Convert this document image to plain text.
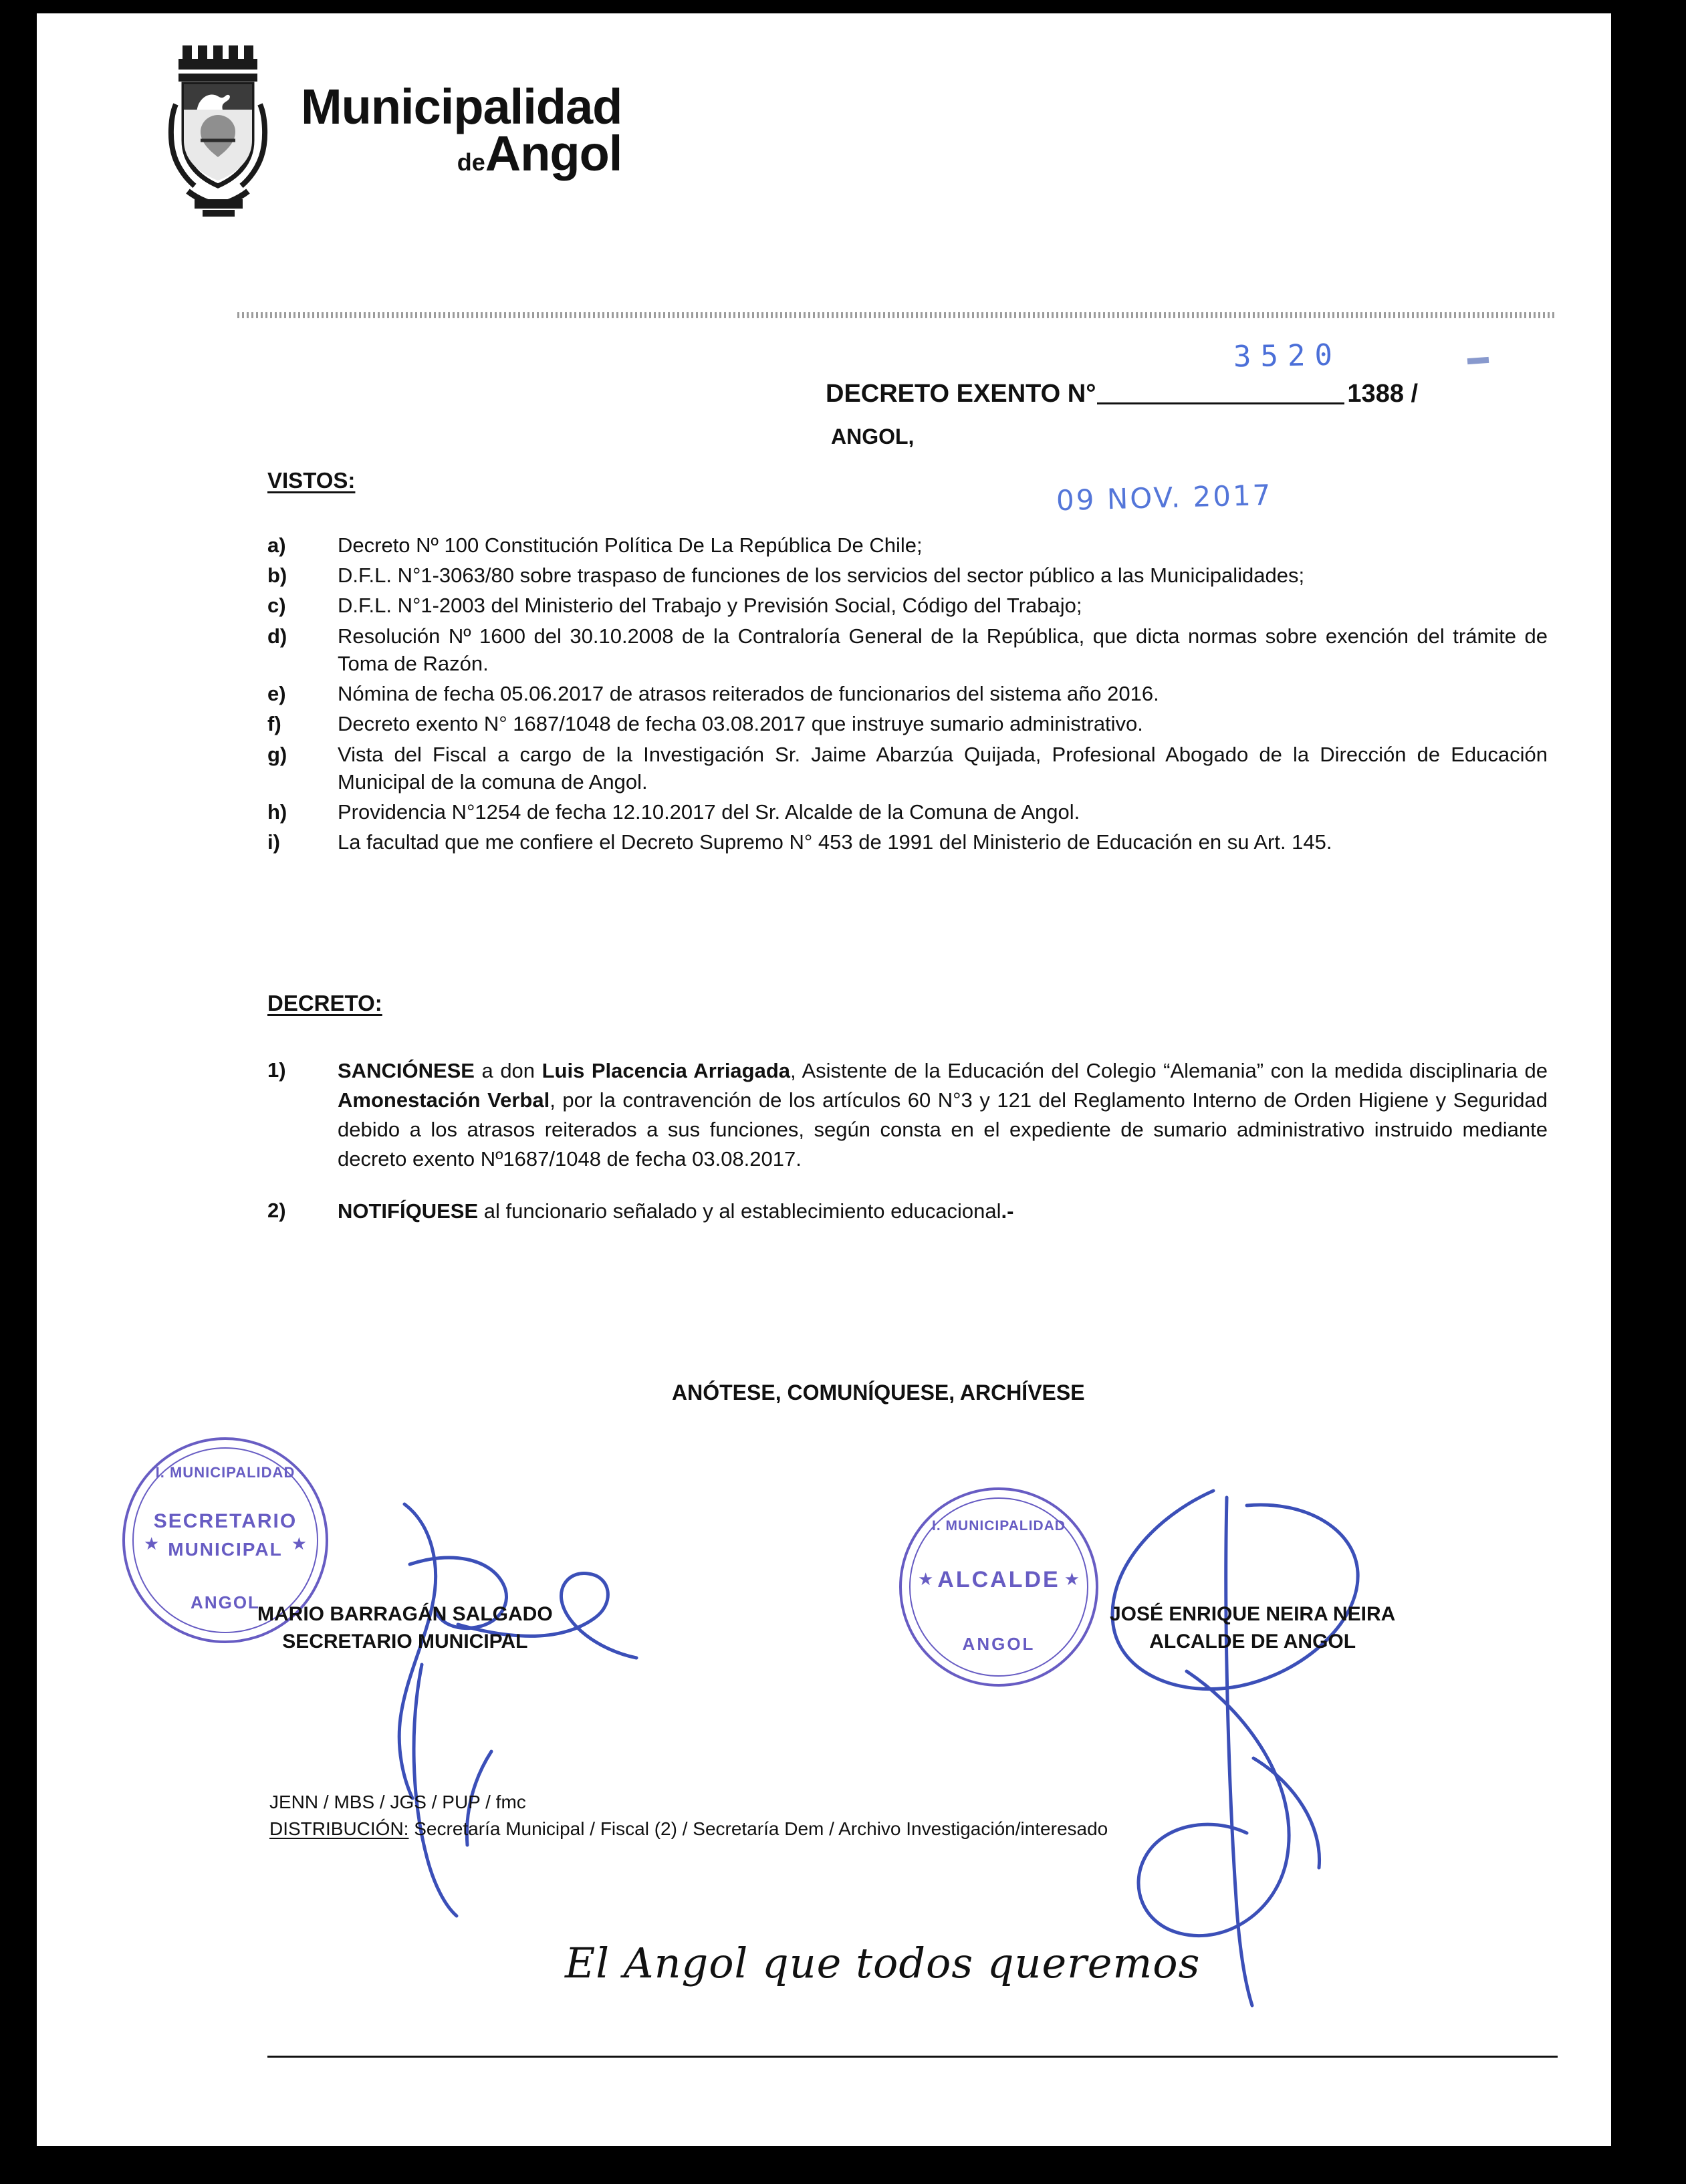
Municipalidad
deAngol
DECRETO EXENTO N°	1388 /
ANGOL,
3520
09 NOV. 2017
VISTOS:
a)	Decreto Nº 100 Constitución Política De La República De Chile;
b)	D.F.L. N°1-3063/80 sobre traspaso de funciones de los servicios del sector público a las Municipalidades;
c)	D.F.L. N°1-2003 del Ministerio del Trabajo y Previsión Social, Código del Trabajo;
d)	Resolución Nº 1600 del 30.10.2008 de la Contraloría General de la República, que dicta normas sobre exención del trámite de Toma de Razón.
e)	Nómina de fecha 05.06.2017 de atrasos reiterados de funcionarios del sistema año 2016.
f)	Decreto exento N° 1687/1048 de fecha 03.08.2017 que instruye sumario administrativo.
g)	Vista del Fiscal a cargo de la Investigación Sr. Jaime Abarzúa Quijada, Profesional Abogado de la Dirección de Educación Municipal de la comuna de Angol.
h)	Providencia N°1254 de fecha 12.10.2017 del Sr. Alcalde de la Comuna de Angol.
i)	La facultad que me confiere el Decreto Supremo N° 453 de 1991 del Ministerio de Educación en su Art. 145.
DECRETO:
1)	SANCIÓNESE a don Luis Placencia Arriagada, Asistente de la Educación del Colegio “Alemania” con la medida disciplinaria de Amonestación Verbal, por la contravención de los artículos 60 N°3 y 121 del Reglamento Interno de Orden Higiene y Seguridad debido a los atrasos reiterados a sus funciones, según consta en el expediente de sumario administrativo instruido mediante decreto exento Nº1687/1048 de fecha 03.08.2017.
2)	NOTIFÍQUESE al funcionario señalado y al establecimiento educacional.-
ANÓTESE, COMUNÍQUESE, ARCHÍVESE
I. MUNICIPALIDAD
SECRETARIO
MUNICIPAL
ANGOL
★	★
I. MUNICIPALIDAD
ALCALDE
ANGOL
★	★
MARIO BARRAGÁN SALGADO
SECRETARIO MUNICIPAL
JOSÉ ENRIQUE NEIRA NEIRA
ALCALDE DE ANGOL
JENN / MBS / JGS / PUP / fmc
DISTRIBUCIÓN: Secretaría Municipal / Fiscal (2) / Secretaría Dem / Archivo Investigación/interesado
El Angol que todos queremos
